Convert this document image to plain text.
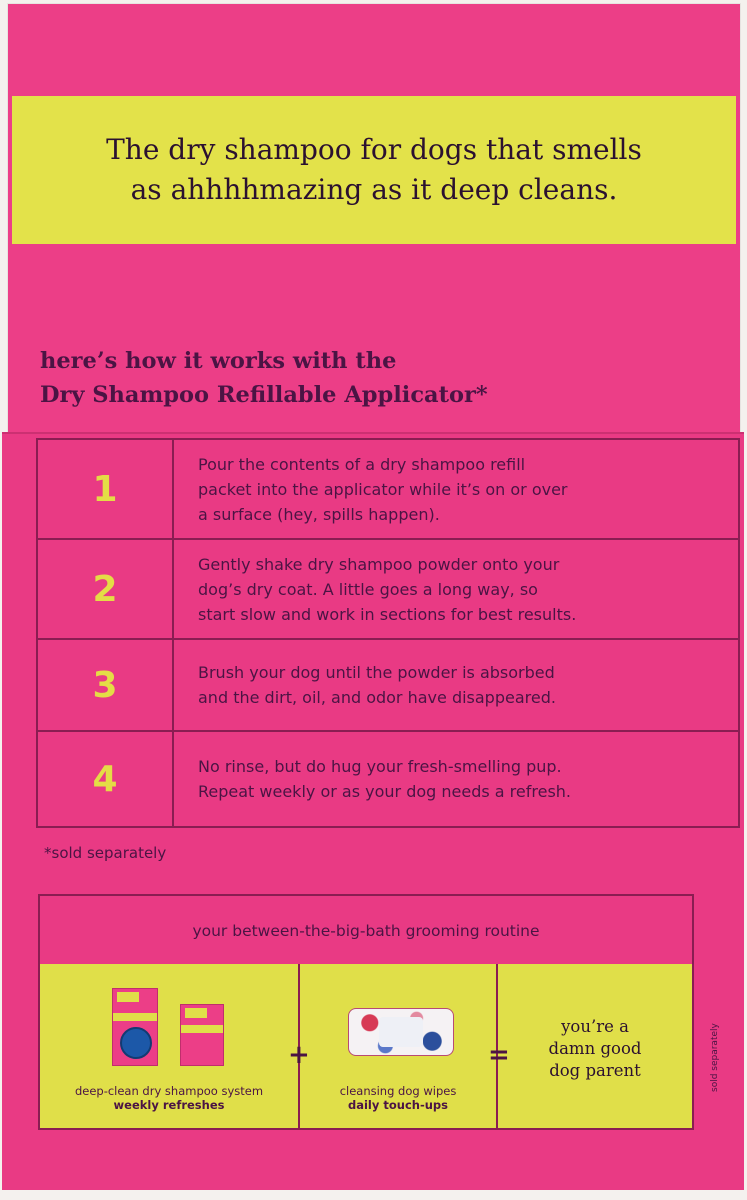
The dry shampoo for dogs that smells
as ahhhhmazing as it deep cleans.
here’s how it works with the
Dry Shampoo Refillable Applicator*
1	Pour the contents of a dry shampoo refill
packet into the applicator while it’s on or over
a surface (hey, spills happen).

2	Gently shake dry shampoo powder onto your
dog’s dry coat. A little goes a long way, so
start slow and work in sections for best results.

3	Brush your dog until the powder is absorbed
and the dirt, oil, and odor have disappeared.

4	No rinse, but do hug your fresh-smelling pup.
Repeat weekly or as your dog needs a refresh.
*sold separately
your between-the-big-bath grooming routine
deep-clean dry shampoo system
weekly refreshes
cleansing dog wipes
daily touch-ups
you’re a
damn good
dog parent
+	=	sold separately
